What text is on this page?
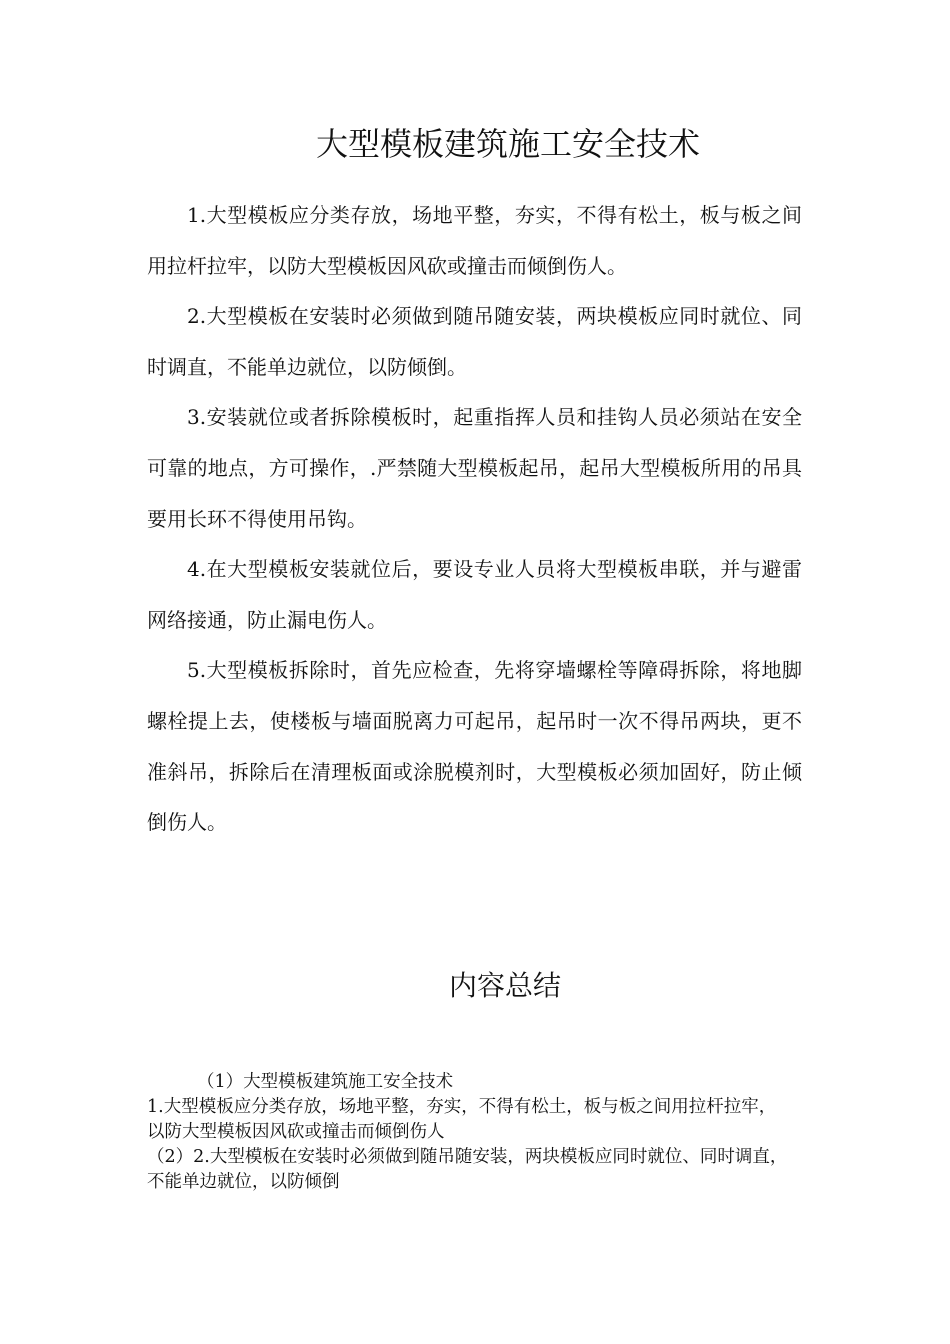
大型模板建筑施工安全技术

1.大型模板应分类存放，场地平整，夯实，不得有松土，板与板之间用拉杆拉牢，以防大型模板因风砍或撞击而倾倒伤人。

2.大型模板在安装时必须做到随吊随安装，两块模板应同时就位、同时调直，不能单边就位，以防倾倒。

3.安装就位或者拆除模板时，起重指挥人员和挂钩人员必须站在安全可靠的地点，方可操作，.严禁随大型模板起吊，起吊大型模板所用的吊具要用长环不得使用吊钩。

4.在大型模板安装就位后，要设专业人员将大型模板串联，并与避雷网络接通，防止漏电伤人。

5.大型模板拆除时，首先应检查，先将穿墙螺栓等障碍拆除，将地脚螺栓提上去，使楼板与墙面脱离力可起吊，起吊时一次不得吊两块，更不准斜吊，拆除后在清理板面或涂脱模剂时，大型模板必须加固好，防止倾倒伤人。

内容总结

（1）大型模板建筑施工安全技术

1.大型模板应分类存放，场地平整，夯实，不得有松土，板与板之间用拉杆拉牢，以防大型模板因风砍或撞击而倾倒伤人

（2）2.大型模板在安装时必须做到随吊随安装，两块模板应同时就位、同时调直，不能单边就位，以防倾倒
